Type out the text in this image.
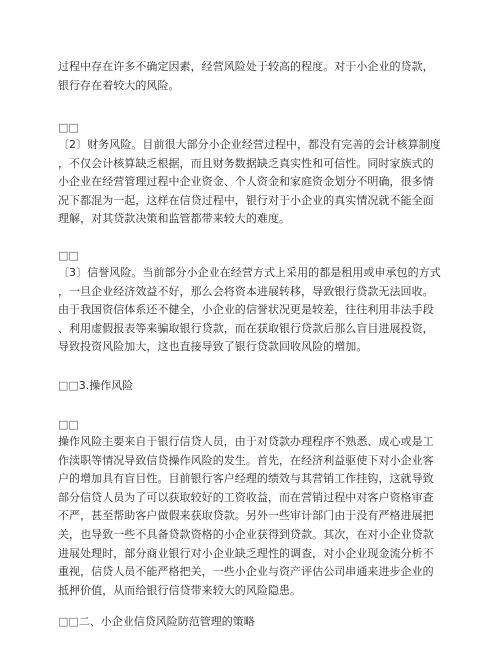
过程中存在许多不确定因素，经营风险处于较高的程度。对于小企业的贷款，
银行存在着较大的风险。
□□
〔2〕财务风险。目前很大部分小企业经营过程中，都没有完善的会计核算制度
，不仅会计核算缺乏根据，而且财务数据缺乏真实性和可信性。同时家族式的
小企业在经营管理过程中企业资金、个人资金和家庭资金划分不明确，很多情
况下都混为一起，这样在信贷过程中，银行对于小企业的真实情况就不能全面
理解，对其贷款决策和监管都带来较大的难度。
□□
〔3〕信誉风险。当前部分小企业在经营方式上采用的都是租用或申承包的方式
，一旦企业经济效益不好，那么会将资本进展转移，导致银行贷款无法回收。
由于我国资信体系还不健全，小企业的信誉状况更是较差，往往利用非法手段
、利用虚假报表等来骗取银行贷款，而在获取银行贷款后那么盲目进展投资，
导致投资风险加大，这也直接导致了银行贷款回收风险的增加。
□□3.操作风险
□□
操作风险主要来自于银行信贷人员，由于对贷款办理程序不熟悉、成心或是工
作渎职等情况导致信贷操作风险的发生。首先，在经济利益驱使下对小企业客
户的增加具有盲目性。目前银行客户经理的绩效与其营销工作挂钩，这就导致
部分信贷人员为了可以获取较好的工资收益，而在营销过程中对客户资格审查
不严，甚至帮助客户做假来获取贷款。另外一些审计部门由于没有严格进展把
关，也导致一些不具备贷款资格的小企业获得到贷款。其次，在对小企业贷款
进展处理时，部分商业银行对小企业缺乏理性的调查，对小企业现金流分析不
重视，信贷人员不能严格把关，一些小企业与资产评估公司串通来进步企业的
抵押价值，从而给银行信贷带来较大的风险隐患。
□□二、小企业信贷风险防范管理的策略
